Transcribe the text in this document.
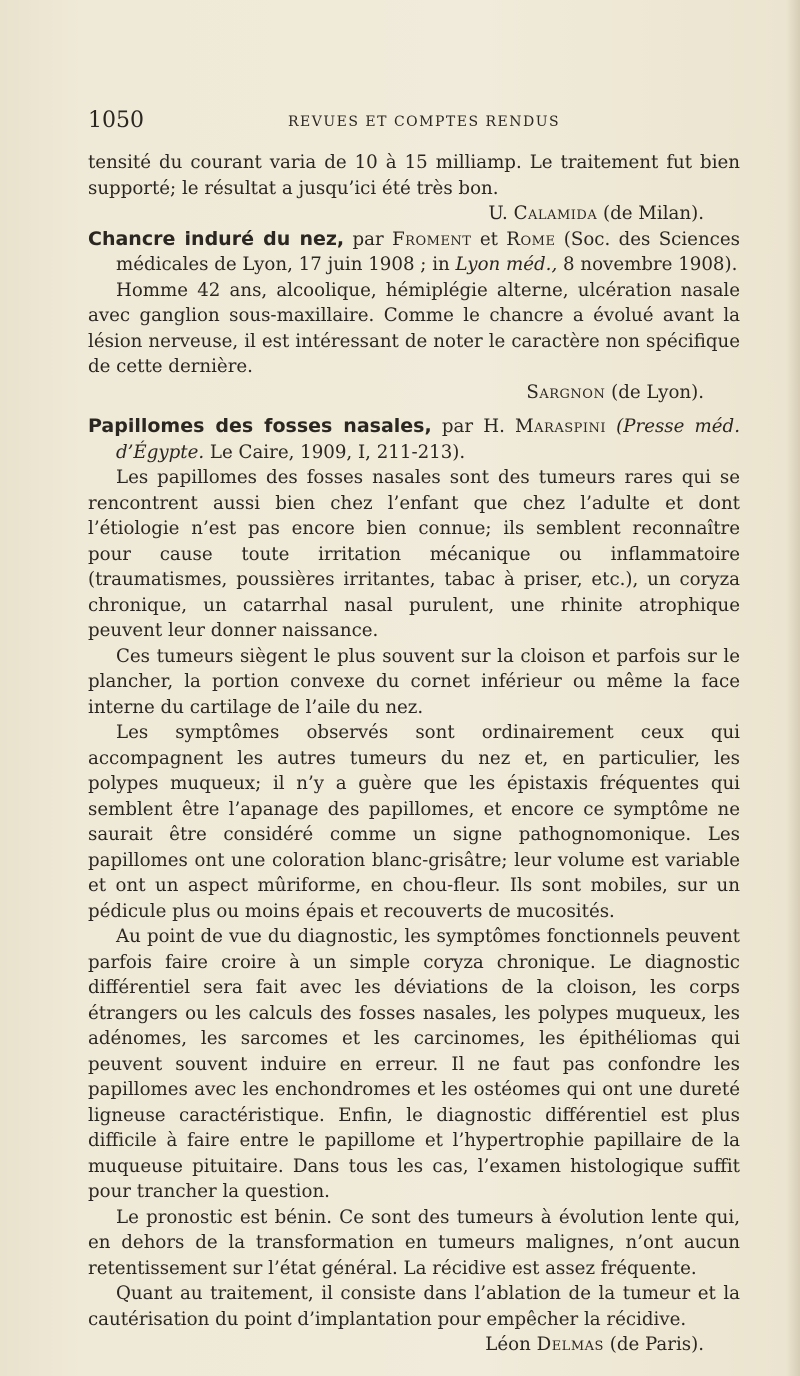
1050	REVUES ET COMPTES RENDUS

tensité du courant varia de 10 à 15 milliamp. Le traitement fut bien supporté; le résultat a jusqu’ici été très bon.

U. Calamida (de Milan).

Chancre induré du nez, par Froment et Rome (Soc. des Sciences médicales de Lyon, 17 juin 1908 ; in Lyon méd., 8 novembre 1908).

Homme 42 ans, alcoolique, hémiplégie alterne, ulcération nasale avec ganglion sous-maxillaire. Comme le chancre a évolué avant la lésion nerveuse, il est intéressant de noter le caractère non spécifique de cette dernière.

Sargnon (de Lyon).

Papillomes des fosses nasales, par H. Maraspini (Presse méd. d’Égypte. Le Caire, 1909, I, 211-213).

Les papillomes des fosses nasales sont des tumeurs rares qui se rencontrent aussi bien chez l’enfant que chez l’adulte et dont l’étiologie n’est pas encore bien connue; ils semblent reconnaître pour cause toute irritation mécanique ou inflammatoire (traumatismes, poussières irritantes, tabac à priser, etc.), un coryza chronique, un catarrhal nasal purulent, une rhinite atrophique peuvent leur donner naissance.

Ces tumeurs siègent le plus souvent sur la cloison et parfois sur le plancher, la portion convexe du cornet inférieur ou même la face interne du cartilage de l’aile du nez.

Les symptômes observés sont ordinairement ceux qui accompagnent les autres tumeurs du nez et, en particulier, les polypes muqueux; il n’y a guère que les épistaxis fréquentes qui semblent être l’apanage des papillomes, et encore ce symptôme ne saurait être considéré comme un signe pathognomonique. Les papillomes ont une coloration blanc-grisâtre; leur volume est variable et ont un aspect mûriforme, en chou-fleur. Ils sont mobiles, sur un pédicule plus ou moins épais et recouverts de mucosités.

Au point de vue du diagnostic, les symptômes fonctionnels peuvent parfois faire croire à un simple coryza chronique. Le diagnostic différentiel sera fait avec les déviations de la cloison, les corps étrangers ou les calculs des fosses nasales, les polypes muqueux, les adénomes, les sarcomes et les carcinomes, les épithéliomas qui peuvent souvent induire en erreur. Il ne faut pas confondre les papillomes avec les enchondromes et les ostéomes qui ont une dureté ligneuse caractéristique. Enfin, le diagnostic différentiel est plus difficile à faire entre le papillome et l’hypertrophie papillaire de la muqueuse pituitaire. Dans tous les cas, l’examen histologique suffit pour trancher la question.

Le pronostic est bénin. Ce sont des tumeurs à évolution lente qui, en dehors de la transformation en tumeurs malignes, n’ont aucun retentissement sur l’état général. La récidive est assez fréquente.

Quant au traitement, il consiste dans l’ablation de la tumeur et la cautérisation du point d’implantation pour empêcher la récidive.

Léon Delmas (de Paris).
